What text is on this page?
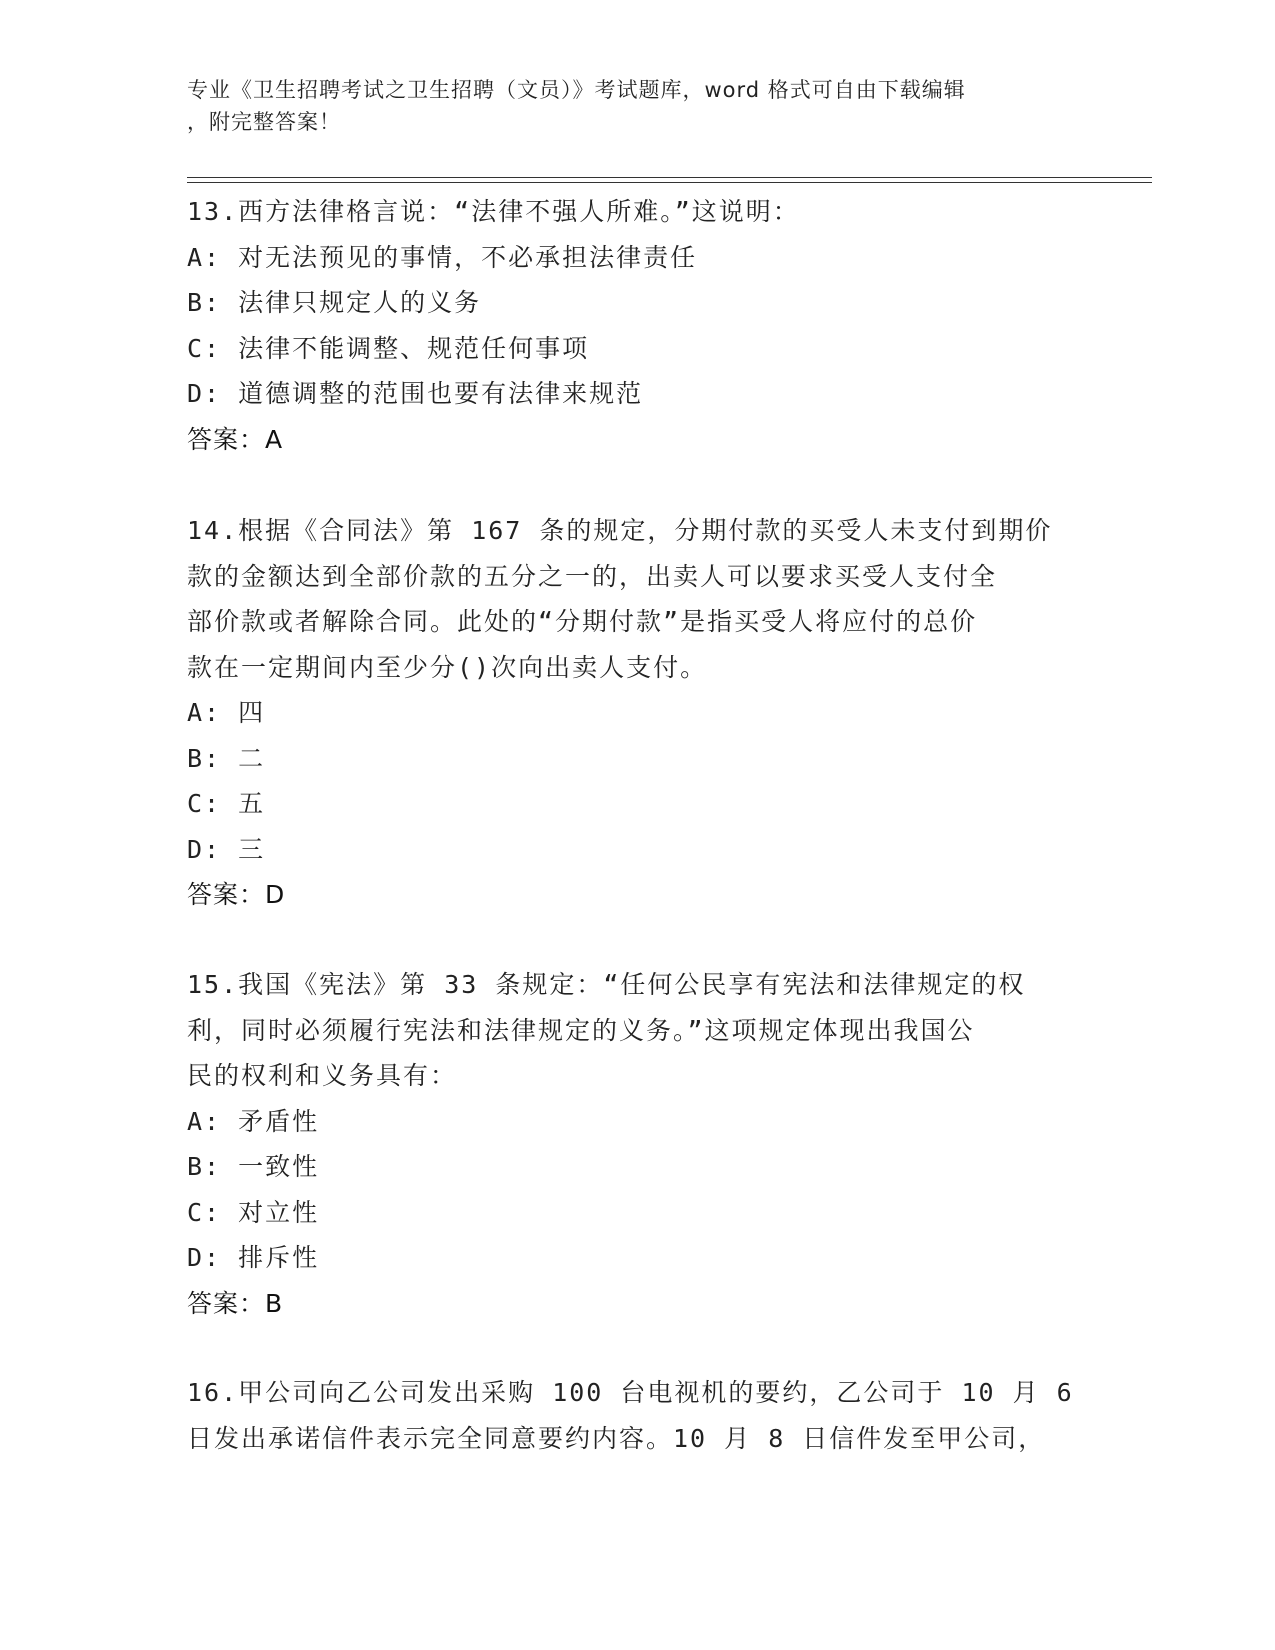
专业《卫生招聘考试之卫生招聘（文员）》考试题库，word 格式可自由下载编辑
，附完整答案！
13.西方法律格言说：“法律不强人所难。”这说明：
A: 对无法预见的事情，不必承担法律责任
B: 法律只规定人的义务
C: 法律不能调整、规范任何事项
D: 道德调整的范围也要有法律来规范
答案：A
14.根据《合同法》第 167 条的规定，分期付款的买受人未支付到期价
款的金额达到全部价款的五分之一的，出卖人可以要求买受人支付全
部价款或者解除合同。此处的“分期付款”是指买受人将应付的总价
款在一定期间内至少分()次向出卖人支付。
A: 四
B: 二
C: 五
D: 三
答案：D
15.我国《宪法》第 33 条规定：“任何公民享有宪法和法律规定的权
利，同时必须履行宪法和法律规定的义务。”这项规定体现出我国公
民的权利和义务具有：
A: 矛盾性
B: 一致性
C: 对立性
D: 排斥性
答案：B
16.甲公司向乙公司发出采购 100 台电视机的要约，乙公司于 10 月 6
日发出承诺信件表示完全同意要约内容。10 月 8 日信件发至甲公司，
